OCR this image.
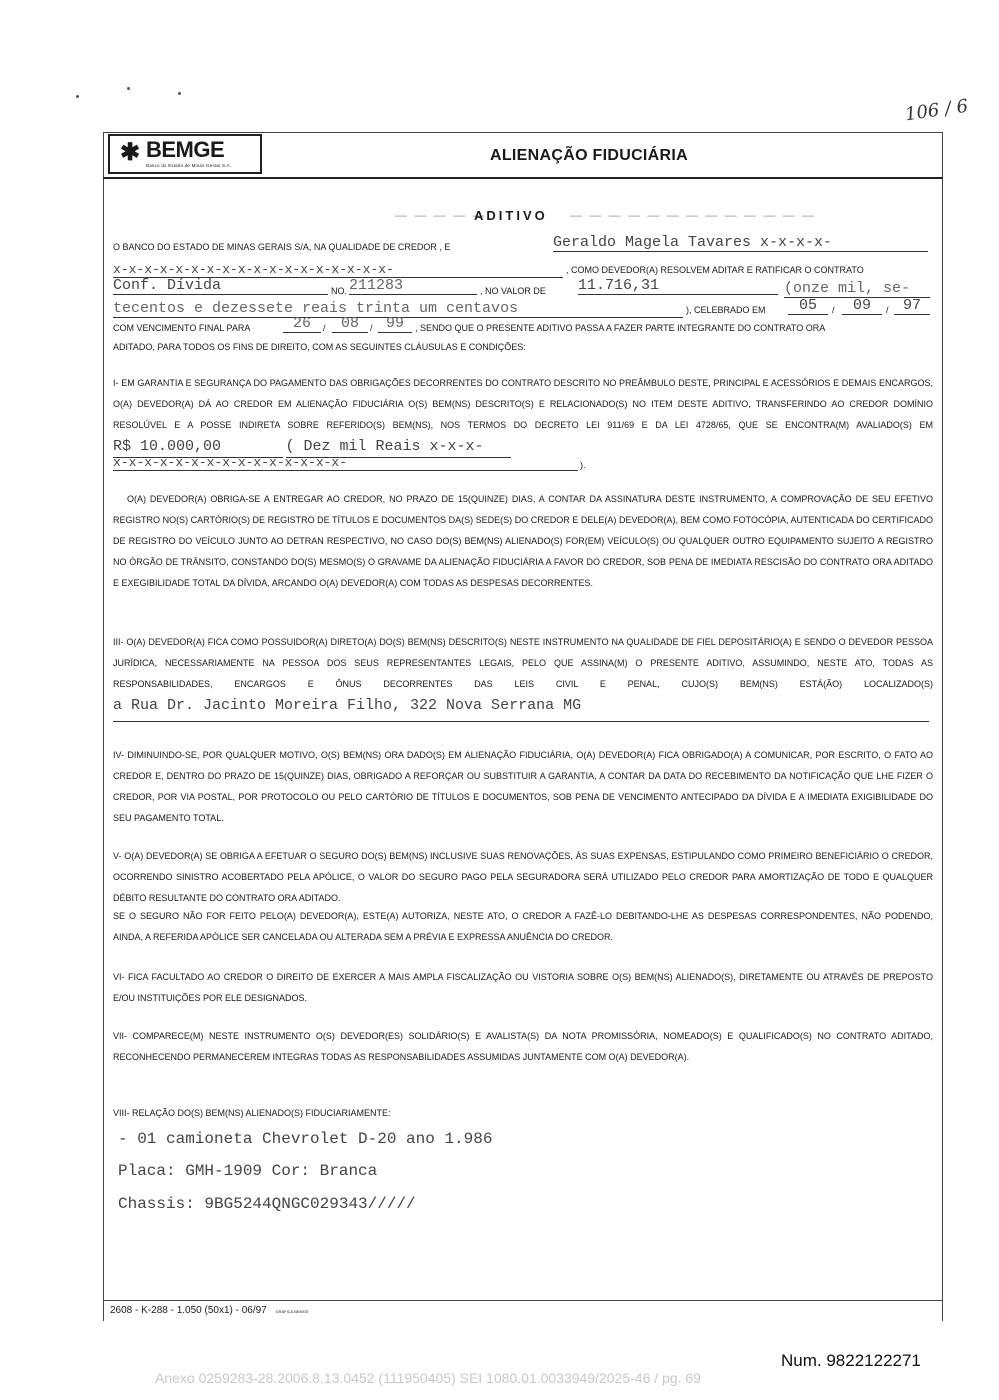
✱ BEMGE
Banco do Estado de Minas Gerais S.A.
ALIENAÇÃO FIDUCIÁRIA
106 / 6
— — — — —
ADITIVO — — — — — — — — — — — — —
O BANCO DO ESTADO DE MINAS GERAIS S/A, NA QUALIDADE DE CREDOR , E	Geraldo Magela Tavares x-x-x-x-
x-x-x-x-x-x-x-x-x-x-x-x-x-x-x-x-x-x-	, COMO DEVEDOR(A) RESOLVEM ADITAR E RATIFICAR O CONTRATO
Conf. Dívida	NO. 211283	, NO VALOR DE 11.716,31	(onze mil, se-
tecentos e dezessete reais trinta um centavos	), CELEBRADO EM	05	/	09	/ 97
COM VENCIMENTO FINAL PARA	26	/	08	/ 99	, SENDO QUE O PRESENTE ADITIVO PASSA A FAZER PARTE INTEGRANTE DO CONTRATO ORA
ADITADO, PARA TODOS OS FINS DE DIREITO, COM AS SEGUINTES CLÁUSULAS E CONDIÇÕES:
I- EM GARANTIA E SEGURANÇA DO PAGAMENTO DAS OBRIGAÇÕES DECORRENTES DO CONTRATO DESCRITO NO PREÂMBULO DESTE, PRINCIPAL E ACESSÓRIOS E DEMAIS ENCARGOS, O(A) DEVEDOR(A) DÁ AO CREDOR EM ALIENAÇÃO FIDUCIÁRIA O(S) BEM(NS) DESCRITO(S) E RELACIONADO(S) NO ITEM DESTE ADITIVO, TRANSFERINDO AO CREDOR DOMÍNIO RESOLÚVEL E A POSSE INDIRETA SOBRE REFERIDO(S) BEM(NS), NOS TERMOS DO DECRETO LEI 911/69 E DA LEI 4728/65, QUE SE ENCONTRA(M) AVALIADO(S) EM R$ 10.000,00	( Dez mil Reais x-x-x-
x-x-x-x-x-x-x-x-x-x-x-x-x-x-x-	).
O(A) DEVEDOR(A) OBRIGA-SE A ENTREGAR AO CREDOR, NO PRAZO DE 15(QUINZE) DIAS, A CONTAR DA ASSINATURA DESTE INSTRUMENTO, A COMPROVAÇÃO DE SEU EFETIVO REGISTRO NO(S) CARTÓRIO(S) DE REGISTRO DE TÍTULOS E DOCUMENTOS DA(S) SEDE(S) DO CREDOR E DELE(A) DEVEDOR(A), BEM COMO FOTOCÓPIA, AUTENTICADA DO CERTIFICADO DE REGISTRO DO VEÍCULO JUNTO AO DETRAN RESPECTIVO, NO CASO DO(S) BEM(NS) ALIENADO(S) FOR(EM) VEÍCULO(S) OU QUALQUER OUTRO EQUIPAMENTO SUJEITO A REGISTRO NO ÓRGÃO DE TRÂNSITO, CONSTANDO DO(S) MESMO(S) O GRAVAME DA ALIENAÇÃO FIDUCIÁRIA A FAVOR DO CREDOR, SOB PENA DE IMEDIATA RESCISÃO DO CONTRATO ORA ADITADO E EXEGIBILIDADE TOTAL DA DÍVIDA, ARCANDO O(A) DEVEDOR(A) COM TODAS AS DESPESAS DECORRENTES.
III- O(A) DEVEDOR(A) FICA COMO POSSUIDOR(A) DIRETO(A) DO(S) BEM(NS) DESCRITO(S) NESTE INSTRUMENTO NA QUALIDADE DE FIEL DEPOSITÁRIO(A) E SENDO O DEVEDOR PESSOA JURÍDICA, NECESSARIAMENTE NA PESSOA DOS SEUS REPRESENTANTES LEGAIS, PELO QUE ASSINA(M) O PRESENTE ADITIVO, ASSUMINDO, NESTE ATO, TODAS AS RESPONSABILIDADES, ENCARGOS E ÔNUS DECORRENTES DAS LEIS CIVIL E PENAL, CUJO(S) BEM(NS) ESTÁ(ÃO) LOCALIZADO(S) a Rua Dr. Jacinto Moreira Filho, 322 Nova Serrana MG
IV- DIMINUINDO-SE, POR QUALQUER MOTIVO, O(S) BEM(NS) ORA DADO(S) EM ALIENAÇÃO FIDUCIÁRIA, O(A) DEVEDOR(A) FICA OBRIGADO(A) A COMUNICAR, POR ESCRITO, O FATO AO CREDOR E, DENTRO DO PRAZO DE 15(QUINZE) DIAS, OBRIGADO A REFORÇAR OU SUBSTITUIR A GARANTIA, A CONTAR DA DATA DO RECEBIMENTO DA NOTIFICAÇÃO QUE LHE FIZER O CREDOR, POR VIA POSTAL, POR PROTOCOLO OU PELO CARTÓRIO DE TÍTULOS E DOCUMENTOS, SOB PENA DE VENCIMENTO ANTECIPADO DA DÍVIDA E A IMEDIATA EXIGIBILIDADE DO SEU PAGAMENTO TOTAL.
V- O(A) DEVEDOR(A) SE OBRIGA A EFETUAR O SEGURO DO(S) BEM(NS) INCLUSIVE SUAS RENOVAÇÕES, ÀS SUAS EXPENSAS, ESTIPULANDO COMO PRIMEIRO BENEFICIÁRIO O CREDOR, OCORRENDO SINISTRO ACOBERTADO PELA APÓLICE, O VALOR DO SEGURO PAGO PELA SEGURADORA SERÁ UTILIZADO PELO CREDOR PARA AMORTIZAÇÃO DE TODO E QUALQUER DÉBITO RESULTANTE DO CONTRATO ORA ADITADO.
SE O SEGURO NÃO FOR FEITO PELO(A) DEVEDOR(A), ESTE(A) AUTORIZA, NESTE ATO, O CREDOR A FAZÊ-LO DEBITANDO-LHE AS DESPESAS CORRESPONDENTES, NÃO PODENDO, AINDA, A REFERIDA APÓLICE SER CANCELADA OU ALTERADA SEM A PRÉVIA E EXPRESSA ANUÊNCIA DO CREDOR.
VI- FICA FACULTADO AO CREDOR O DIREITO DE EXERCER A MAIS AMPLA FISCALIZAÇÃO OU VISTORIA SOBRE O(S) BEM(NS) ALIENADO(S), DIRETAMENTE OU ATRAVÉS DE PREPOSTO E/OU INSTITUIÇÕES POR ELE DESIGNADOS.
VII- COMPARECE(M) NESTE INSTRUMENTO O(S) DEVEDOR(ES) SOLIDÁRIO(S) E AVALISTA(S) DA NOTA PROMISSÓRIA, NOMEADO(S) E QUALIFICADO(S) NO CONTRATO ADITADO, RECONHECENDO PERMANECEREM INTEGRAS TODAS AS RESPONSABILIDADES ASSUMIDAS JUNTAMENTE COM O(A) DEVEDOR(A).
VIII- RELAÇÃO DO(S) BEM(NS) ALIENADO(S) FIDUCIARIAMENTE:
- 01 camioneta Chevrolet D-20 ano 1.986
Placa: GMH-1909 Cor: Branca
Chassis: 9BG5244QNGC029343/////
2608 - K-288 - 1.050 (50x1) - 06/97 GRÁFICA BEMGE
Num. 9822122271
Anexo 0259283-28.2006.8.13.0452 (111950405) SEI 1080.01.0033949/2025-46 / pg. 69
